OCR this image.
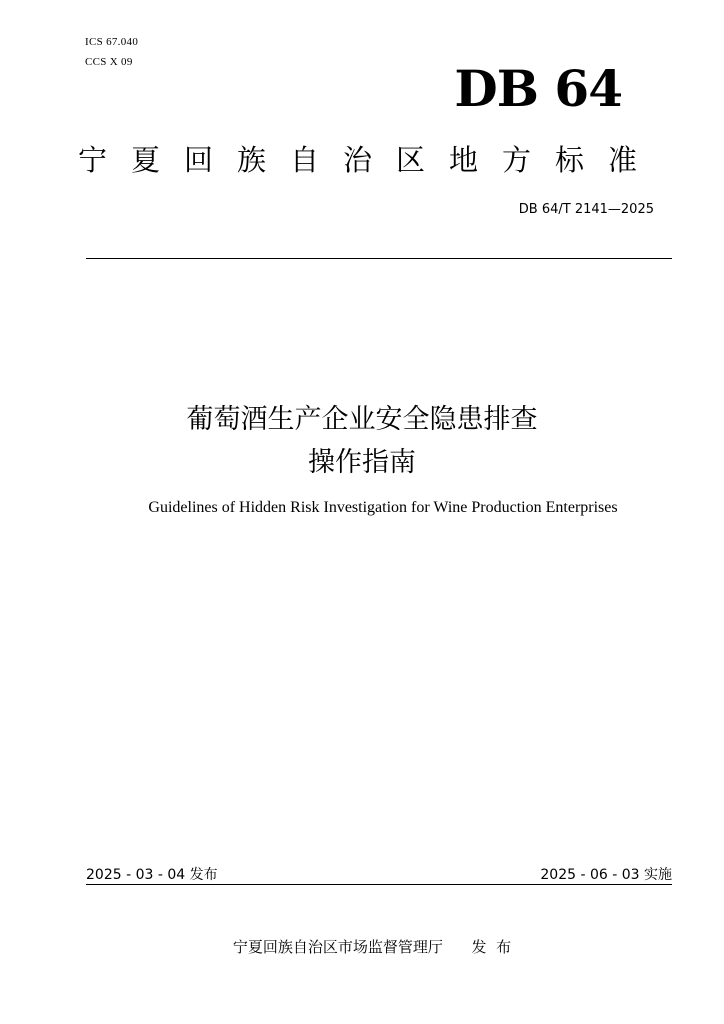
ICS 67.040
CCS X 09	DB 64
宁夏回族自治区地方标准
DB 64/T 2141—2025
葡萄酒生产企业安全隐患排查
操作指南
Guidelines of Hidden Risk Investigation for Wine Production Enterprises
2025 - 03 - 04 发布	2025 - 06 - 03 实施
宁夏回族自治区市场监督管理厅      发  布
